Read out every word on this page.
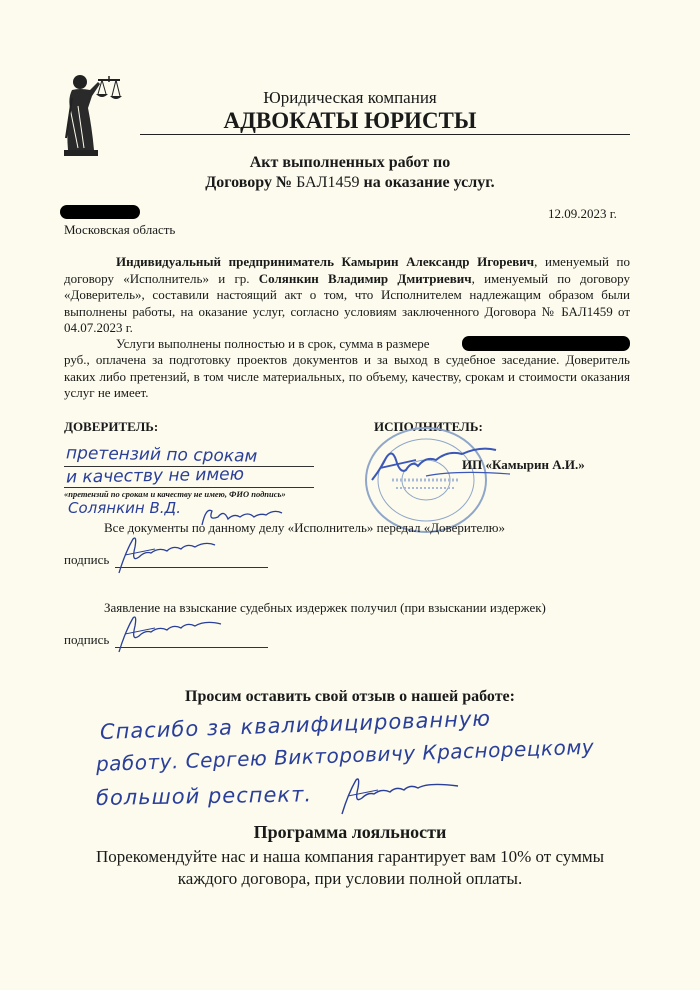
Юридическая компания
АДВОКАТЫ ЮРИСТЫ
Акт выполненных работ по
Договору № БАЛ1459 на оказание услуг.
12.09.2023 г.
Московская область
Индивидуальный предприниматель Камырин Александр Игоревич, именуемый по договору «Исполнитель» и гр. Солянкин Владимир Дмитриевич, именуемый по договору «Доверитель», составили настоящий акт о том, что Исполнителем надлежащим образом были выполнены работы, на оказание услуг, согласно условиям заключенного Договора № БАЛ1459 от 04.07.2023 г.
Услуги выполнены полностью и в срок, сумма в размере
руб., оплачена за подготовку проектов документов и за выход в судебное заседание. Доверитель каких либо претензий, в том числе материальных, по объему, качеству, срокам и стоимости оказания услуг не имеет.
ДОВЕРИТЕЛЬ:
претензий по срокам
и качеству не имею
«претензий по срокам и качеству не имею, ФИО подпись»
Солянкин В.Д.
ИСПОЛНИТЕЛЬ:
ИП «Камырин А.И.»
Все документы по данному делу «Исполнитель» передал «Доверителю»
подпись
Заявление на взыскание судебных издержек получил (при взыскании издержек)
подпись
Просим оставить свой отзыв о нашей работе:
Спасибо за квалифицированную
работу. Сергею Викторовичу Краснорецкому
большой респект.
Программа лояльности
Порекомендуйте нас и наша компания гарантирует вам 10% от суммы
каждого договора, при условии полной оплаты.
